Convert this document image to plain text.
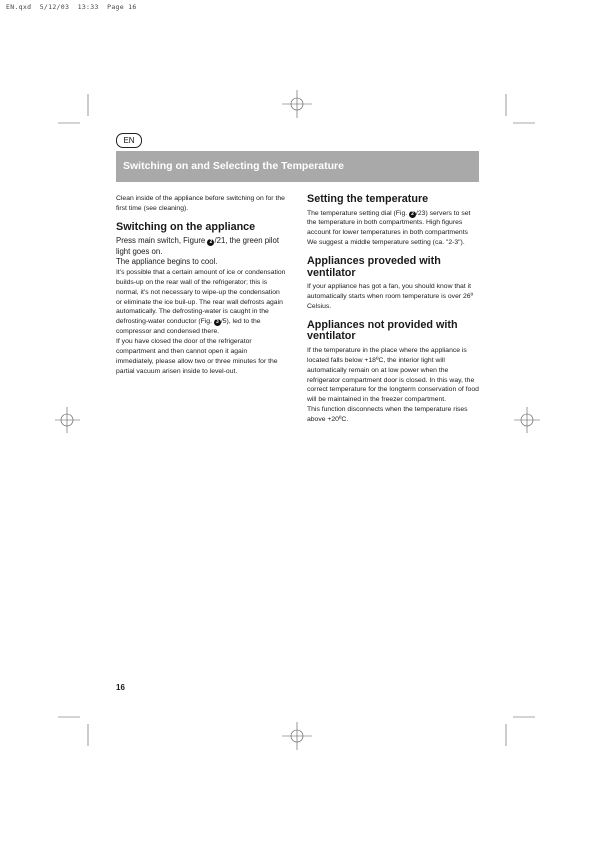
EN.qxd  5/12/03  13:33  Page 16
EN
Switching on and Selecting the Temperature

Clean inside of the appliance before switching on for the first time (see cleaning).

Switching on the appliance

Press main switch, Figure 2 /21, the green pilot light goes on.

The appliance begins to cool.

It's possible that a certain amount of ice or condensation builds-up on the rear wall of the refrigerator; this is normal, it's not necessary to wipe-up the condensation or eliminate the ice buil-up. The rear wall defrosts again automatically. The defrosting-water is caught in the defrosting-water conductor (Fig. 3 /5), led to the compressor and condensed there.

If you have closed the door of the refrigerator compartment and then cannot open it again immediately, please allow two or three minutes for the partial vacuum arisen inside to level-out.

Setting the temperature

The temperature setting dial (Fig. 2 /23) servers to set the temperature in both compartments. High figures account for lower temperatures in both compartments

We suggest a middle temperature setting (ca. "2-3").

Appliances proveded with ventilator

If your appliance has got a fan, you should know that it automatically starts when room temperature is over 26º Celsius.

Appliances not provided with ventilator

If the temperature in the place where the appliance is located falls below +18ºC, the interior light will automatically remain on at low power when the refrigerator compartment door is closed. In this way, the correct temperature for the longterm conservation of food will be maintained in the freezer compartment.

This function disconnects when the temperature rises above +20ºC.

16
